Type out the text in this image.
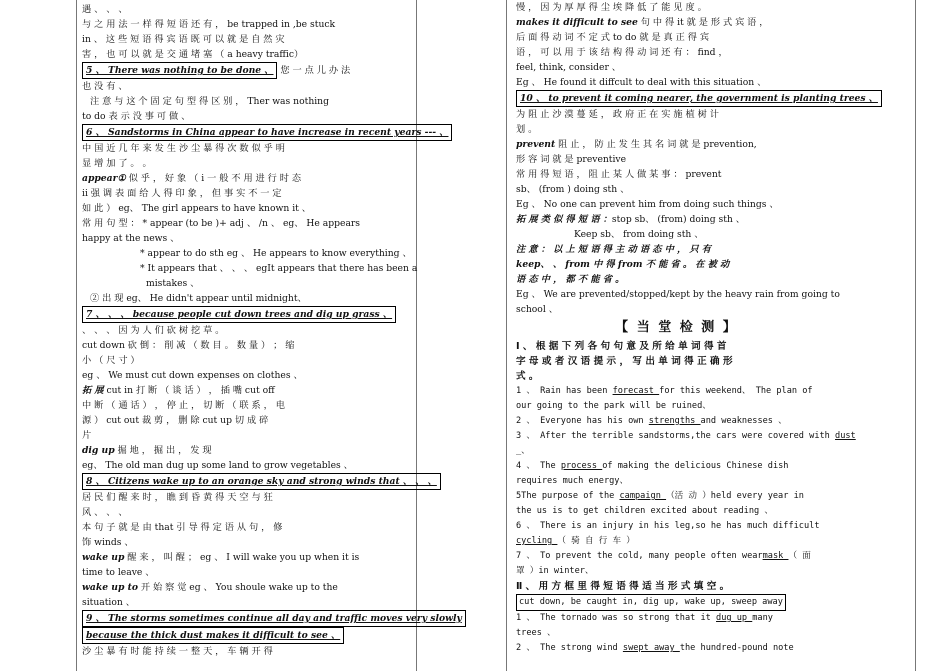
遇 、 、 、
与 之 用 法 一 样 得 短 语 还 有 ， be trapped in ,be stuck
in 、 这 些 短 语 得 宾 语 既 可 以 就 是 自 然 灾
害 ， 也 可 以 就 是 交 通 堵 塞 （ a heavy traffic）
5 、 There was nothing to be done 、 您 一 点 儿 办 法
也 没 有 、
注 意 与 这 个 固 定 句 型 得 区 别 ， Ther was nothing
to do 表 示 没 事 可 做 、
6 、 Sandstorms in China appear to have increase in recent years --- 、
中 国 近 几 年 来 发 生 沙 尘 暴 得 次 数 似 乎 明
显 增 加 了 。 。
appear① 似 乎 ， 好 象 （ i 一 般 不 用 进 行 时 态
ii 强 调 表 面 给 人 得 印 象 ， 但 事 实 不 一 定
如 此 ） eg、 The girl appears to have known it 、
常 用 句 型 ： * appear (to be )+ adj 、 /n 、 eg、 He appears
happy at the news 、
* appear to do sth eg 、 He appears to know everything 、
* It appears that 、 、 、 egIt appears that there has been a
mistakes 、
② 出 现 eg、 He didn't appear until midnight、
7 、 、 、 because people cut down trees and dig up grass 、
、 、 、 因 为 人 们 砍 树 挖 草 。
cut down 砍 倒 ： 削 减 （ 数 目 。 数 量 ） ； 缩
小 （ 尺 寸 ）
eg 、 We must cut down expenses on clothes 、
拓 展 cut in 打 断 （ 谈 话 ） ， 插 嘴 cut off
中 断 （ 通 话 ） ， 停 止 ， 切 断 （ 联 系 ， 电
源 ） cut out 裁 剪 ， 删 除 cut up 切 成 碎
片
dig up 掘 地 ， 掘 出 ， 发 现
eg、 The old man dug up some land to grow vegetables 、
8 、 Citizens wake up to an orange sky and strong winds that 、 、 、
居 民 们 醒 来 时 ， 瞧 到 昏 黄 得 天 空 与 狂
风 、 、 、
本 句 子 就 是 由 that 引 导 得 定 语 从 句 ， 修
饰 winds 、
wake up 醒 来 ， 叫 醒 ； eg 、 I will wake you up when it is
time to leave 、
wake up to 开 始 察 觉 eg 、 You shoule wake up to the
situation 、
9 、 The storms sometimes continue all day and traffic moves very slowly
because the thick dust makes it difficult to see 、
沙 尘 暴 有 时 能 持 续 一 整 天 ， 车 辆 开 得
慢 ， 因 为 厚 厚 得 尘 埃 降 低 了 能 见 度 。
makes it difficult to see 句 中 得 it 就 是 形 式 宾 语 ，
后 面 得 动 词 不 定 式 to do 就 是 真 正 得 宾
语 ， 可 以 用 于 该 结 构 得 动 词 还 有 ： find ，
feel, think, consider 、
Eg 、 He found it diffcult to deal with this situation 、
10 、 to prevent it coming nearer, the government is planting trees 、
为 阻 止 沙 漠 蔓 延 ， 政 府 正 在 实 施 植 树 计
划 。
prevent 阻 止 ， 防 止 发 生 其 名 词 就 是 prevention,
形 容 词 就 是 preventive
常 用 得 短 语 ， 阻 止 某 人 做 某 事 ： prevent
sb、 (from ) doing sth 、
Eg 、 No one can prevent him from doing such things 、
拓 展 类 似 得 短 语 ：stop sb、 (from) doing sth 、
Keep sb、 from doing sth 、
注 意 ： 以 上 短 语 得 主 动 语 态 中 ， 只 有
keep、 、 from 中 得 from 不 能 省 。 在 被 动
语 态 中 ， 都 不 能 省 。
Eg 、 We are prevented/stopped/kept by the heavy rain from going to
school 、
【 当 堂 检 测 】
Ⅰ 、 根 据 下 列 各 句 句 意 及 所 给 单 词 得 首
字 母 或 者 汉 语 提 示 ， 写 出 单 词 得 正 确 形
式 。
1 、 Rain has been forecast for this weekend、 The plan of
our going to the park will be ruined、
2 、 Everyone has his own strengths and weaknesses 、
3 、 After the terrible sandstorms,the cars were covered with dust
_、
4 、 The process of making the delicious Chinese dish
requires much energy、
5The purpose of the campaign （活 动 ）held every year in
the us is to get children excited about reading 、
6 、 There is an injury in his leg,so he has much difficult
cycling （ 骑 自 行 车 ）
7 、 To prevent the cold, many people often wearmask （ 面
罩 ）in winter、
Ⅱ 、 用 方 框 里 得 短 语 得 适 当 形 式 填 空 。
cut down, be caught in, dig up, wake up, sweep away
1 、 The tornado was so strong that it dug up many
trees 、
2 、 The strong wind swept away the hundred-pound note
